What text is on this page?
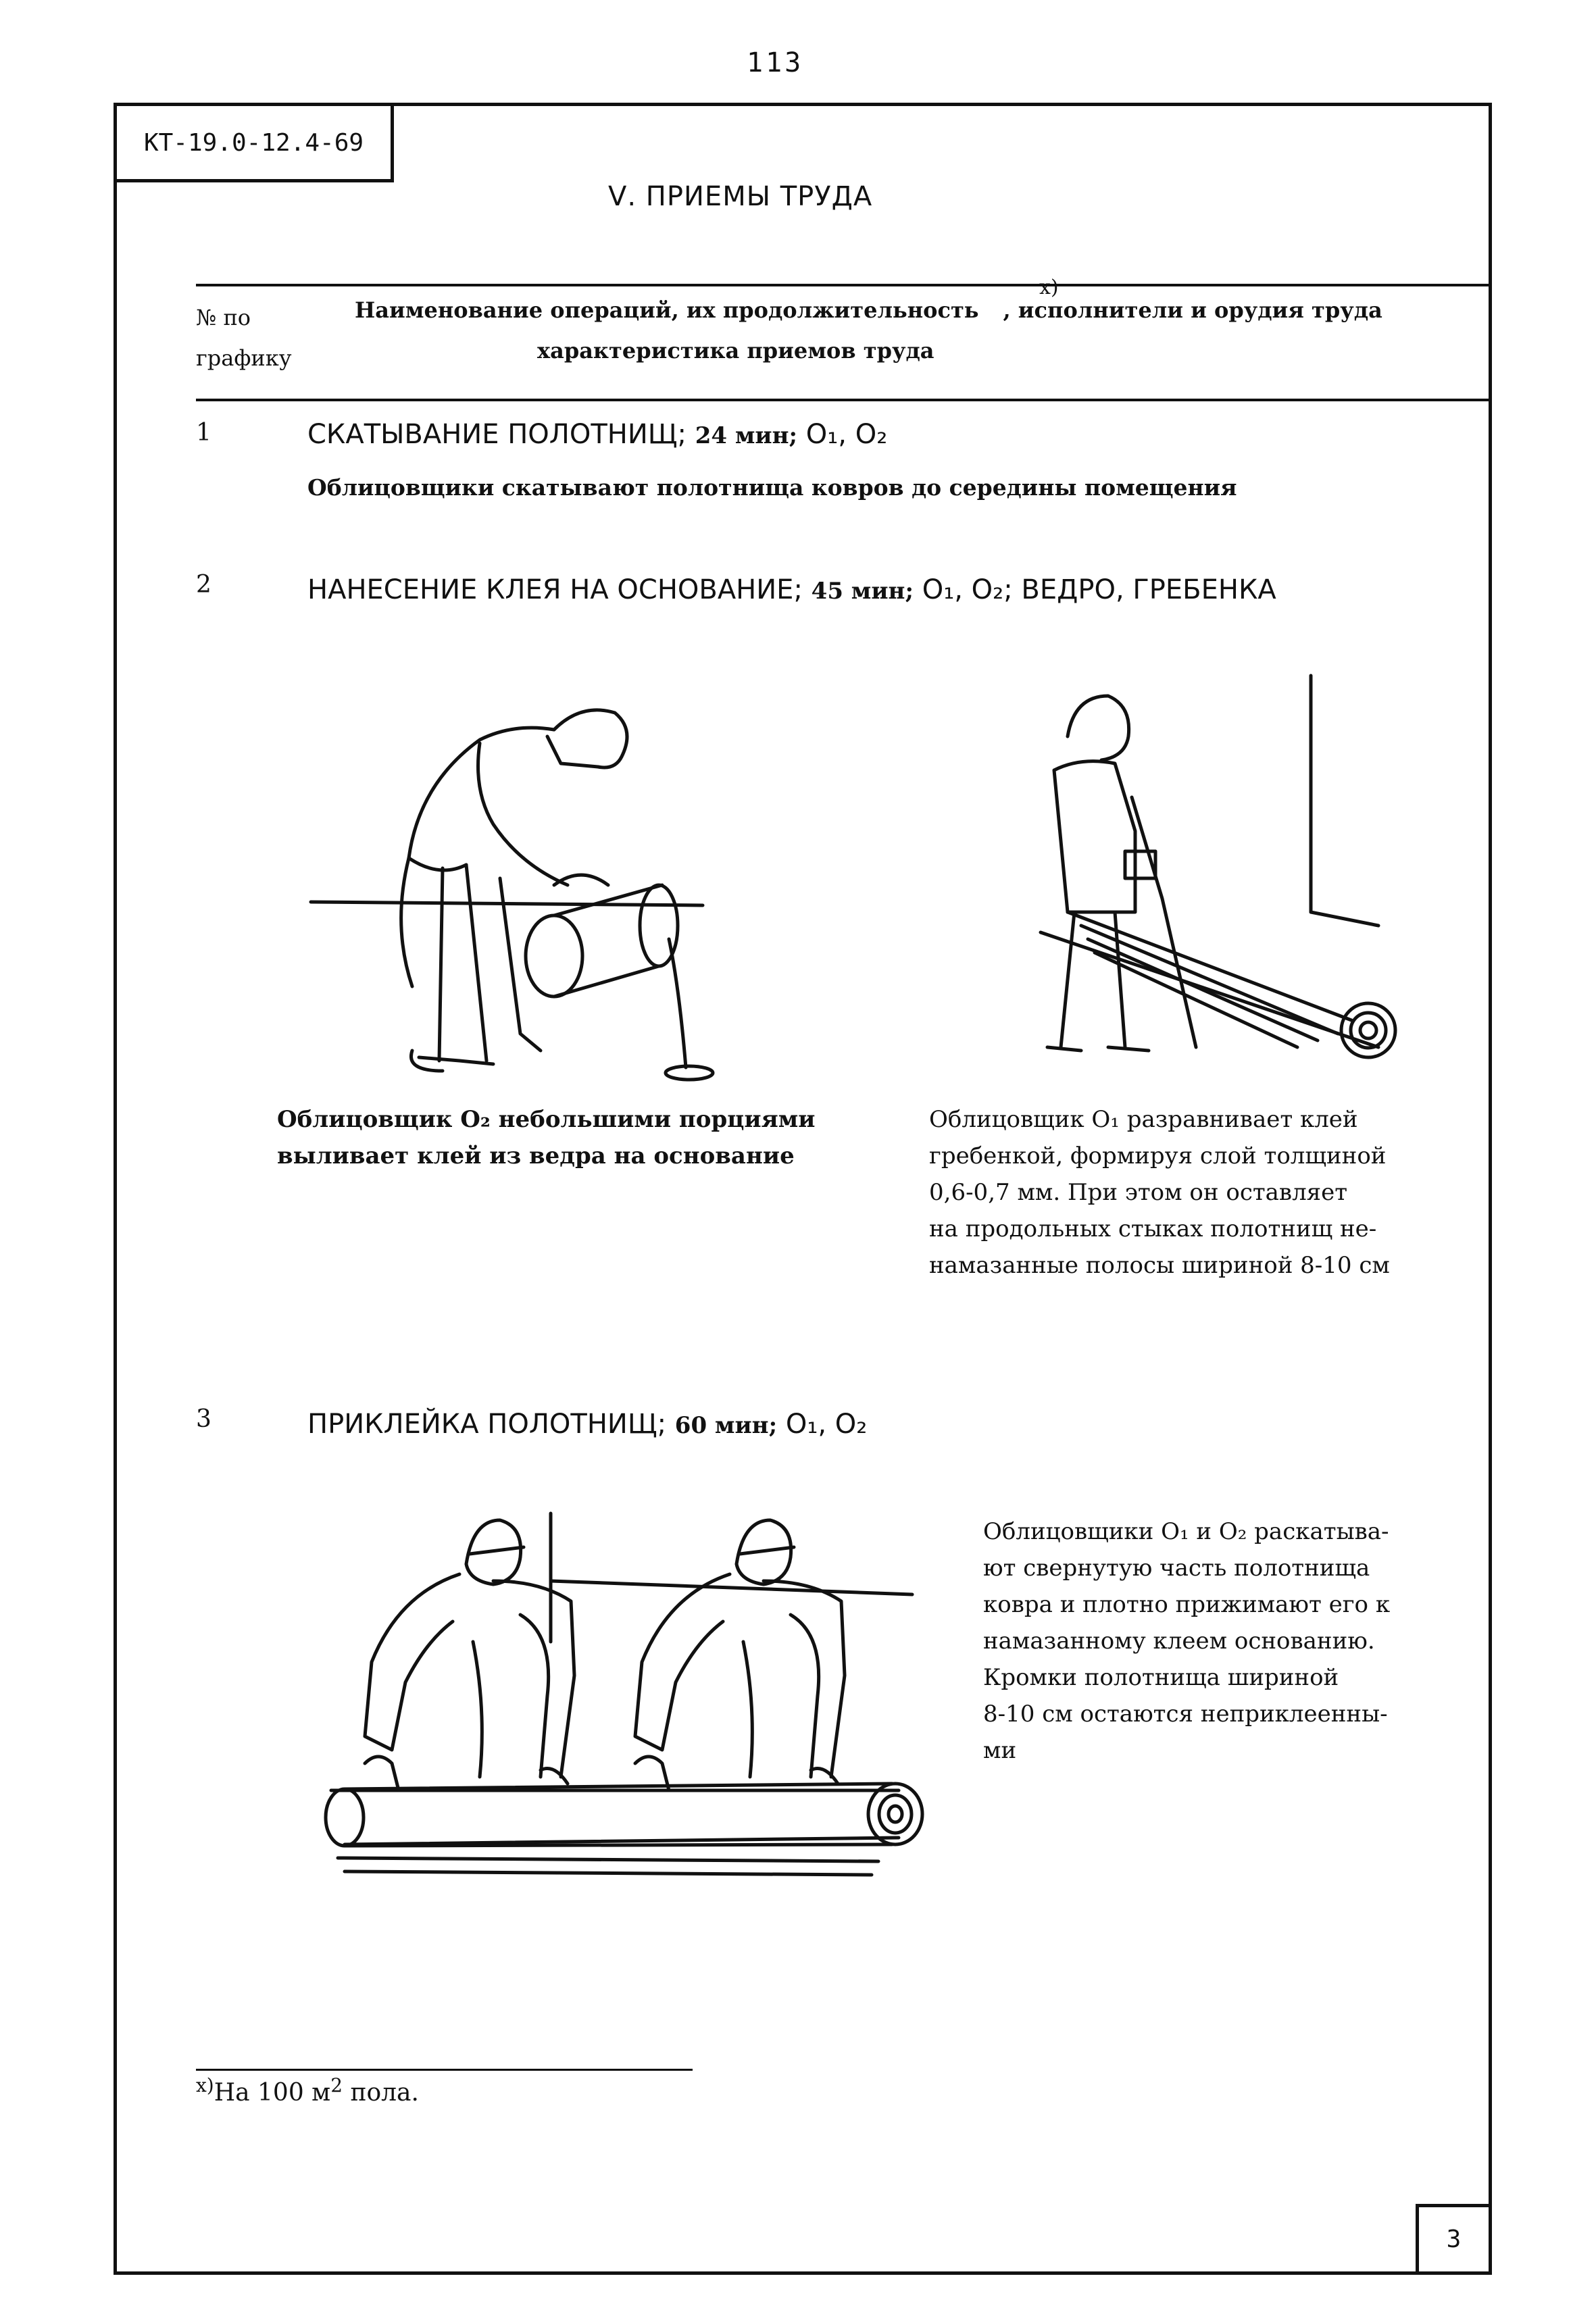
113
КТ-19.0-12.4-69
Ⅴ. ПРИЕМЫ ТРУДА
№ по
графику
Наименование операций, их продолжительность , исполнители и орудия труда
х)
характеристика приемов труда
1	СКАТЫВАНИЕ ПОЛОТНИЩ; 24 мин; O₁, O₂
Облицовщики скатывают полотнища ковров до середины помещения
2	НАНЕСЕНИЕ КЛЕЯ НА ОСНОВАНИЕ; 45 мин; O₁, O₂; ВЕДРО, ГРЕБЕНКА
Облицовщик O₂ небольшими порциями
выливает клей из ведра на основание
Облицовщик O₁ разравнивает клей
гребенкой, формируя слой толщиной
0,6-0,7 мм. При этом он оставляет
на продольных стыках полотнищ не-
намазанные полосы шириной 8-10 см
3	ПРИКЛЕЙКА ПОЛОТНИЩ; 60 мин; O₁, O₂
Облицовщики O₁ и O₂ раскатыва-
ют свернутую часть полотнища
ковра и плотно прижимают его к
намазанному клеем основанию.
Кромки полотнища шириной
8-10 см остаются неприклеенны-
ми
$^{х)}$На 100 $м^2$ пола.
3
